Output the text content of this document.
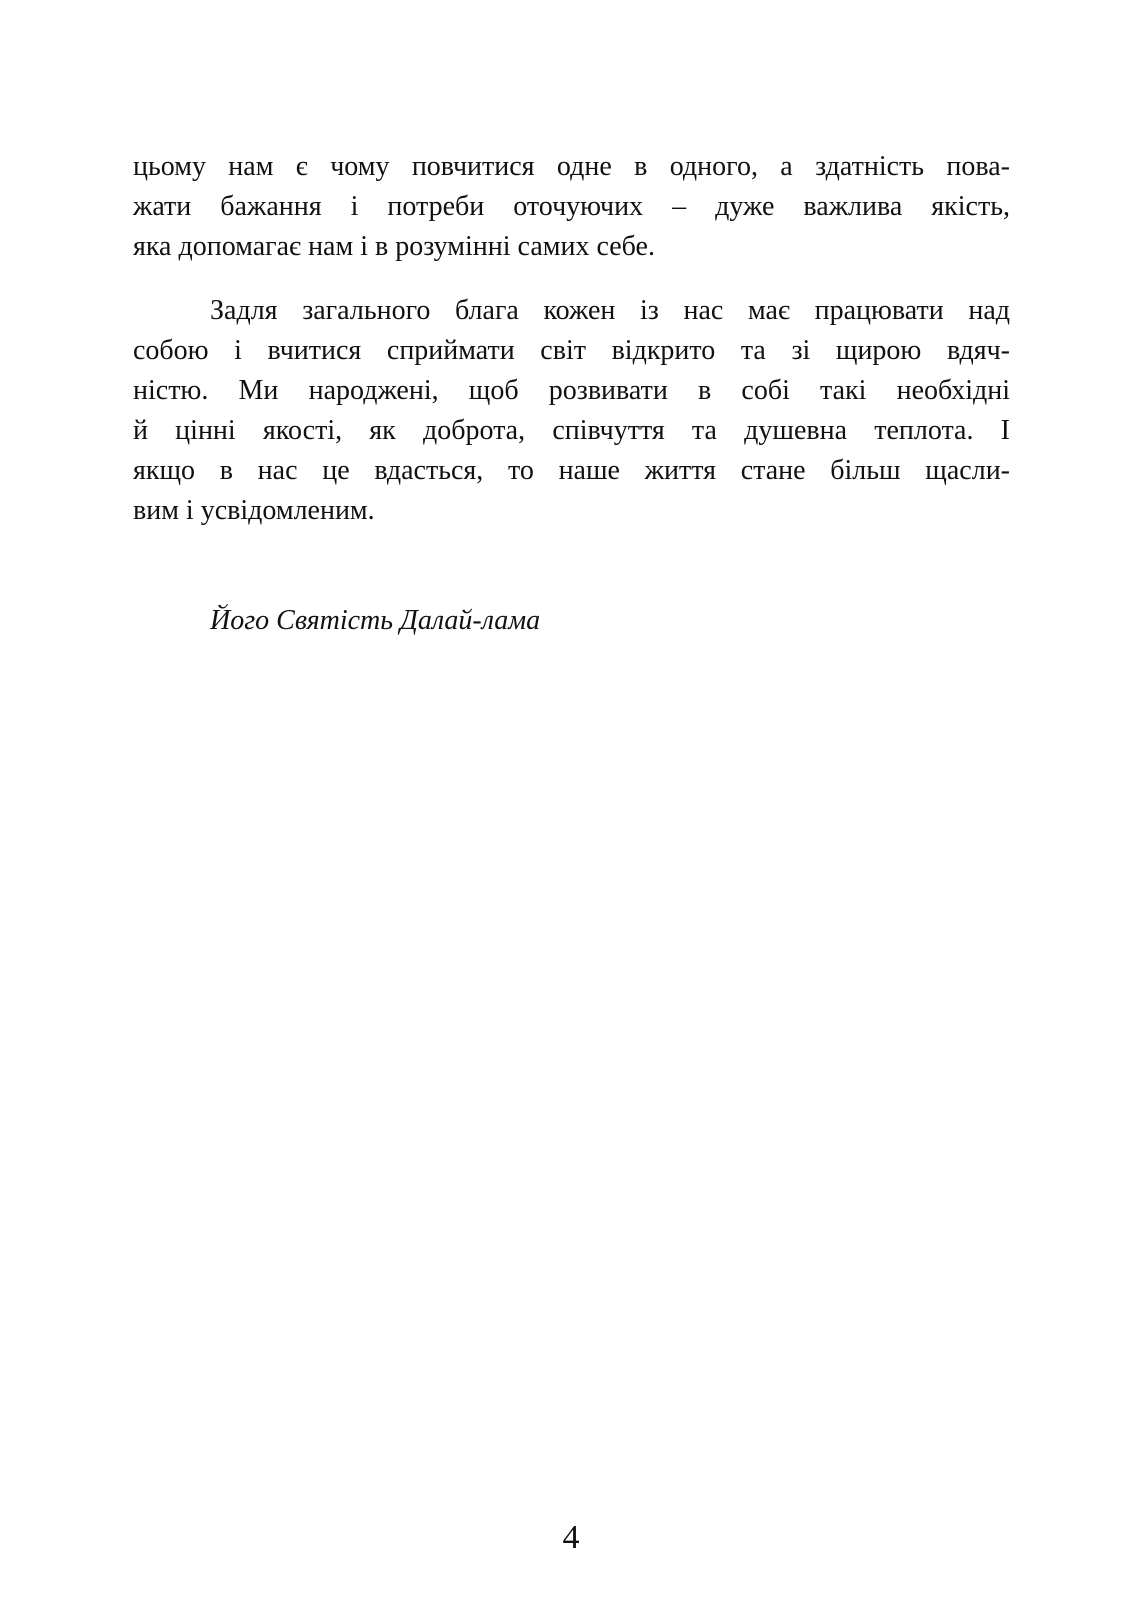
цьому нам є чому повчитися одне в одного, а здатність пова-
жати бажання і потреби оточуючих – дуже важлива якість,
яка допомагає нам і в розумінні самих себе.
Задля загального блага кожен із нас має працювати над
собою і вчитися сприймати світ відкрито та зі щирою вдяч-
ністю. Ми народжені, щоб розвивати в собі такі необхідні
й цінні якості, як доброта, співчуття та душевна теплота. І
якщо в нас це вдасться, то наше життя стане більш щасли-
вим і усвідомленим.
Його Святість Далай-лама
4
